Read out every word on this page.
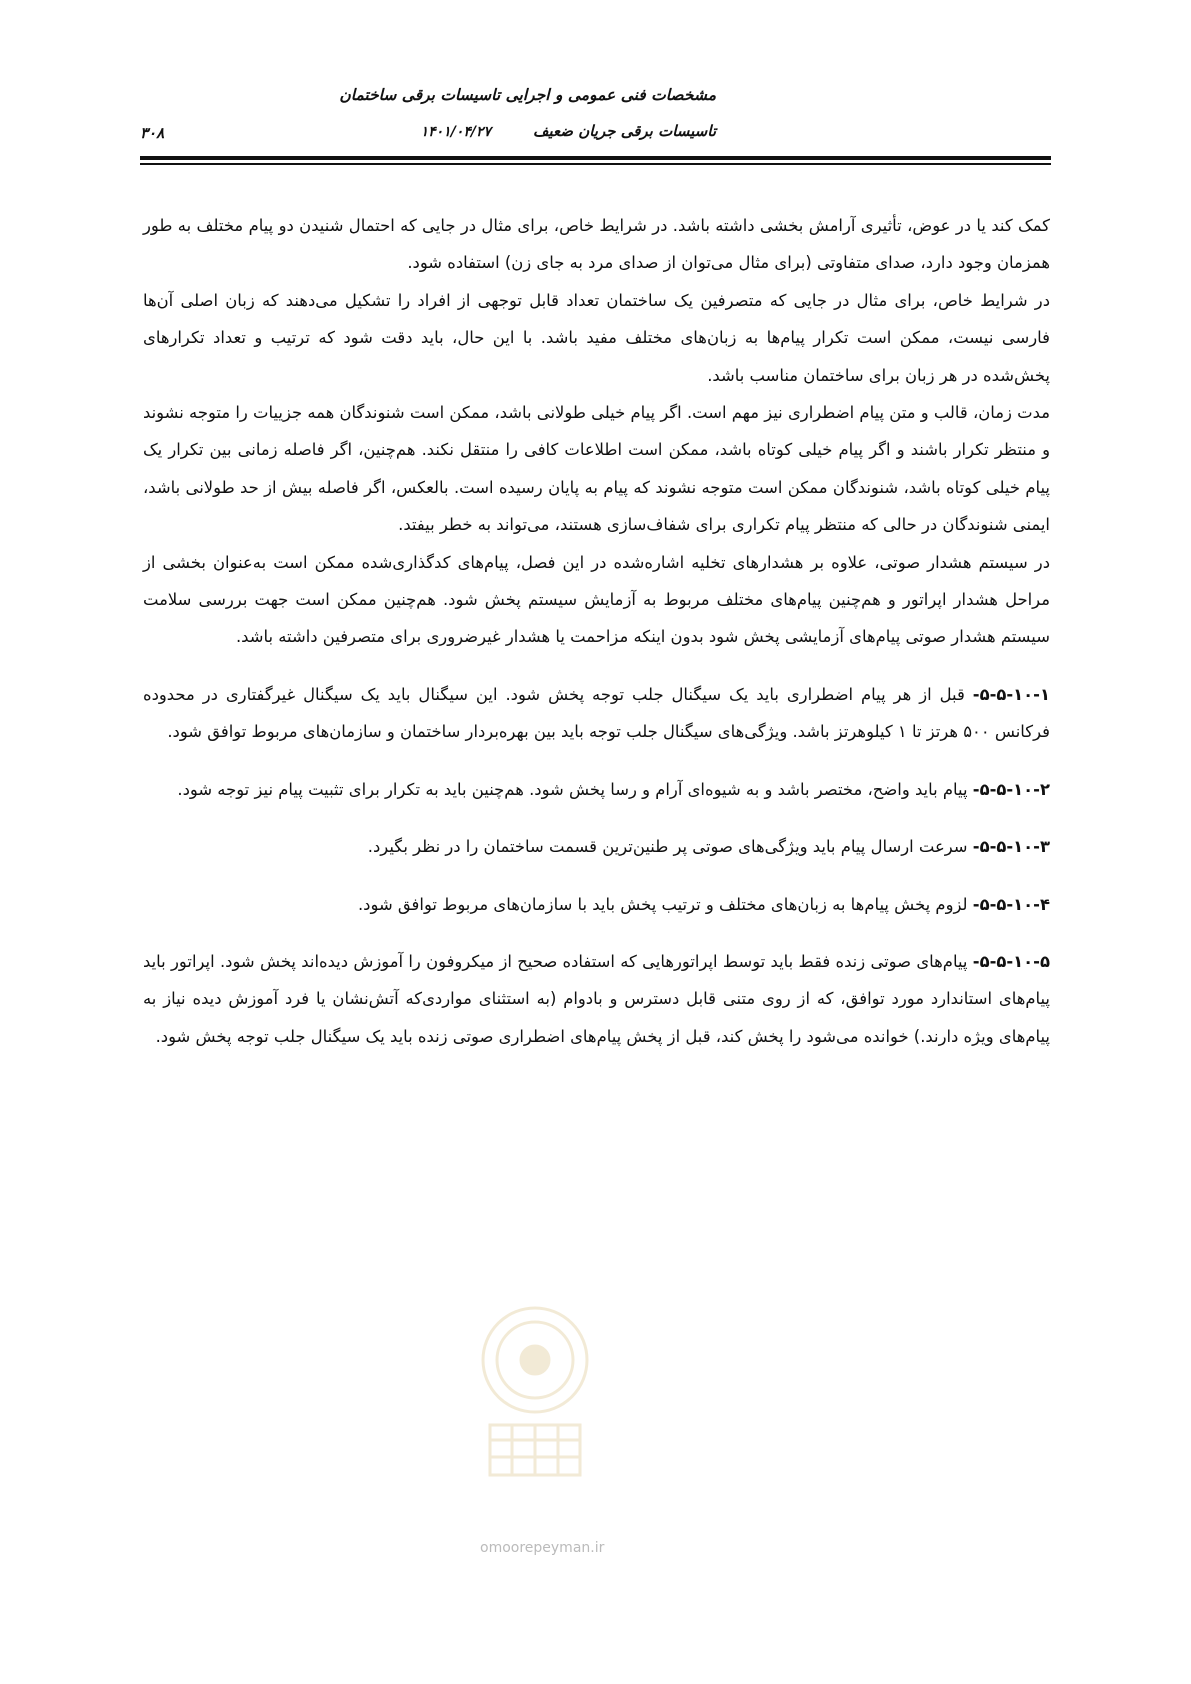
مشخصات فنی عمومی و اجرایی تاسیسات برقی ساختمان
تاسیسات برقی جریان ضعیف
۱۴۰۱/۰۴/۲۷
۳۰۸

کمک کند یا در عوض، تأثیری آرامش بخشی داشته باشد. در شرایط خاص، برای مثال در جایی که احتمال شنیدن دو پیام مختلف به طور همزمان وجود دارد، صدای متفاوتی (برای مثال می‌توان از صدای مرد به جای زن) استفاده شود.

در شرایط خاص، برای مثال در جایی که متصرفین یک ساختمان تعداد قابل توجهی از افراد را تشکیل می‌دهند که زبان اصلی آن‌ها فارسی نیست، ممکن است تکرار پیام‌ها به زبان‌های مختلف مفید باشد. با این حال، باید دقت شود که ترتیب و تعداد تکرارهای پخش‌شده در هر زبان برای ساختمان مناسب باشد.

مدت زمان، قالب و متن پیام اضطراری نیز مهم است. اگر پیام خیلی طولانی باشد، ممکن است شنوندگان همه جزییات را متوجه نشوند و منتظر تکرار باشند و اگر پیام خیلی کوتاه باشد، ممکن است اطلاعات کافی را منتقل نکند. هم‌چنین، اگر فاصله زمانی بین تکرار یک پیام خیلی کوتاه باشد، شنوندگان ممکن است متوجه نشوند که پیام به پایان رسیده است. بالعکس، اگر فاصله بیش از حد طولانی باشد، ایمنی شنوندگان در حالی که منتظر پیام تکراری برای شفاف‌سازی هستند، می‌تواند به خطر بیفتد.

در سیستم هشدار صوتی، علاوه بر هشدارهای تخلیه اشاره‌شده در این فصل، پیام‌های کدگذاری‌شده ممکن است به‌عنوان بخشی از مراحل هشدار اپراتور و هم‌چنین پیام‌های مختلف مربوط به آزمایش سیستم پخش شود. هم‌چنین ممکن است جهت بررسی سلامت سیستم هشدار صوتی پیام‌های آزمایشی پخش شود بدون اینکه مزاحمت یا هشدار غیرضروری برای متصرفین داشته باشد.

۵-۵-۱۰-۱- قبل از هر پیام اضطراری باید یک سیگنال جلب توجه پخش شود. این سیگنال باید یک سیگنال غیرگفتاری در محدوده فرکانس ۵۰۰ هرتز تا ۱ کیلوهرتز باشد. ویژگی‌های سیگنال جلب توجه باید بین بهره‌بردار ساختمان و سازمان‌های مربوط توافق شود.

۵-۵-۱۰-۲- پیام باید واضح، مختصر باشد و به شیوه‌ای آرام و رسا پخش شود. هم‌چنین باید به تکرار برای تثبیت پیام نیز توجه شود.

۵-۵-۱۰-۳- سرعت ارسال پیام باید ویژگی‌های صوتی پر طنین‌ترین قسمت ساختمان را در نظر بگیرد.

۵-۵-۱۰-۴- لزوم پخش پیام‌ها به زبان‌های مختلف و ترتیب پخش باید با سازمان‌های مربوط توافق شود.

۵-۵-۱۰-۵- پیام‌های صوتی زنده فقط باید توسط اپراتورهایی که استفاده صحیح از میکروفون را آموزش دیده‌اند پخش شود. اپراتور باید پیام‌های استاندارد مورد توافق، که از روی متنی قابل دسترس و بادوام (به استثنای مواردی‌که آتش‌نشان یا فرد آموزش دیده نیاز به پیام‌های ویژه دارند.) خوانده می‌شود را پخش کند، قبل از پخش پیام‌های اضطراری صوتی زنده باید یک سیگنال جلب توجه پخش شود.

omoorepeyman.ir
